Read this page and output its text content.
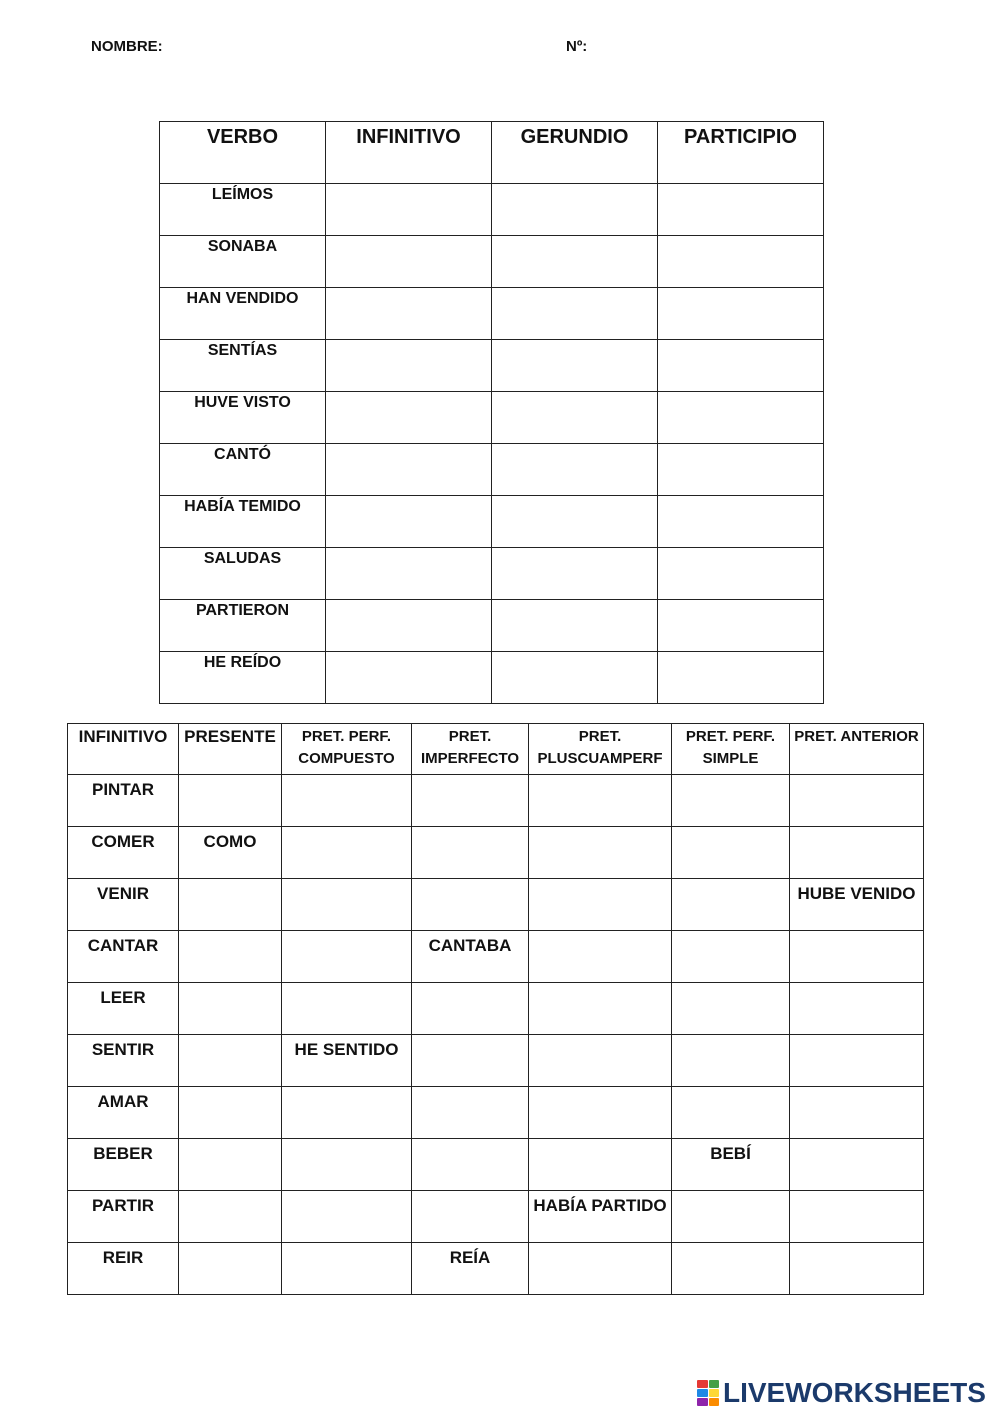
NOMBRE:	Nº:
VERBO	INFINITIVO	GERUNDIO	PARTICIPIO
LEÍMOS			
SONABA			
HAN VENDIDO			
SENTÍAS			
HUVE VISTO			
CANTÓ			
HABÍA TEMIDO			
SALUDAS			
PARTIERON			
HE REÍDO			
INFINITIVO	PRESENTE	PRET. PERF. COMPUESTO	PRET. IMPERFECTO	PRET. PLUSCUAMPERF	PRET. PERF. SIMPLE	PRET. ANTERIOR
PINTAR						
COMER	COMO					
VENIR						HUBE VENIDO
CANTAR			CANTABA			
LEER						
SENTIR		HE SENTIDO				
AMAR						
BEBER					BEBÍ	
PARTIR				HABÍA PARTIDO		
REIR			REÍA			
LIVEWORKSHEETS
